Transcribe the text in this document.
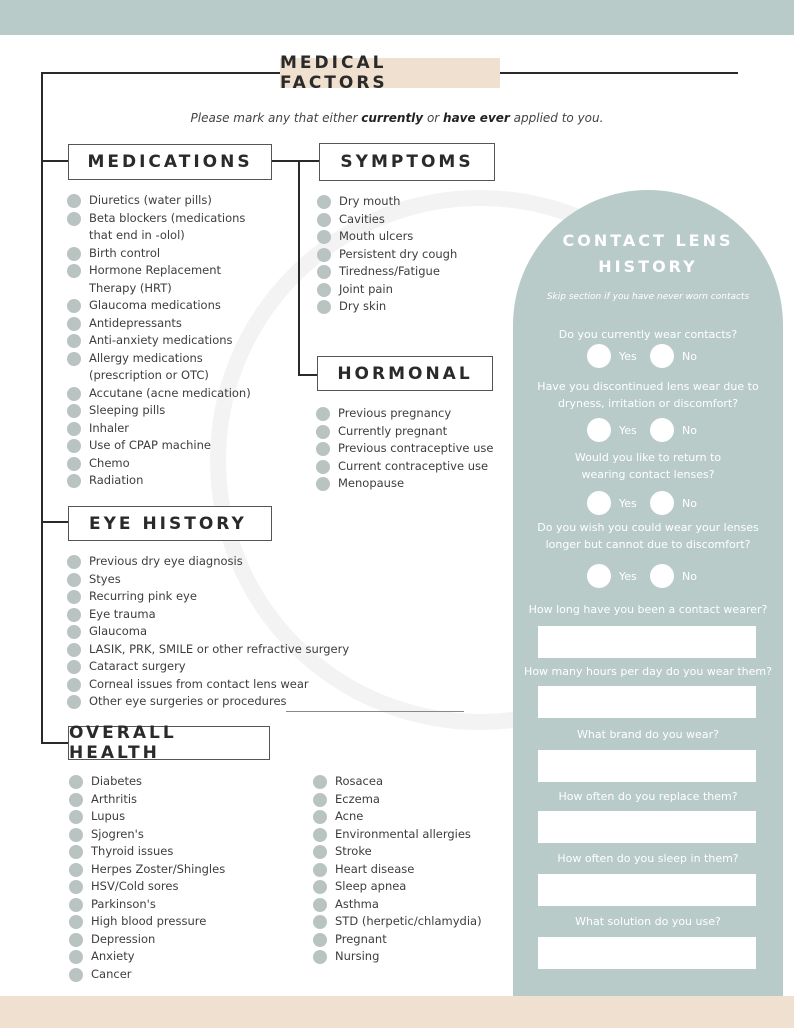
MEDICAL FACTORS
Please mark any that either currently or have ever applied to you.
MEDICATIONS	SYMPTOMS
HORMONAL
EYE HISTORY
OVERALL HEALTH
Diuretics (water pills)
Beta blockers (medications that end in -olol)
Birth control
Hormone Replacement Therapy (HRT)
Glaucoma medications
Antidepressants
Anti-anxiety medications
Allergy medications (prescription or OTC)
Accutane (acne medication)
Sleeping pills
Inhaler
Use of CPAP machine
Chemo
Radiation
Dry mouth
Cavities
Mouth ulcers
Persistent dry cough
Tiredness/Fatigue
Joint pain
Dry skin
Previous pregnancy
Currently pregnant
Previous contraceptive use
Current contraceptive use
Menopause
Previous dry eye diagnosis
Styes
Recurring pink eye
Eye trauma
Glaucoma
LASIK, PRK, SMILE or other refractive surgery
Cataract surgery
Corneal issues from contact lens wear
Other eye surgeries or procedures
Diabetes
Arthritis
Lupus
Sjogren's
Thyroid issues
Herpes Zoster/Shingles
HSV/Cold sores
Parkinson's
High blood pressure
Depression
Anxiety
Cancer
Rosacea
Eczema
Acne
Environmental allergies
Stroke
Heart disease
Sleep apnea
Asthma
STD (herpetic/chlamydia)
Pregnant
Nursing
CONTACT LENS
HISTORY
Skip section if you have never worn contacts
Do you currently wear contacts?
Yes	No
Have you discontinued lens wear due to dryness, irritation or discomfort?
Yes	No
Would you like to return to wearing contact lenses?
Yes	No
Do you wish you could wear your lenses longer but cannot due to discomfort?
Yes	No
How long have you been a contact wearer?
How many hours per day do you wear them?
What brand do you wear?
How often do you replace them?
How often do you sleep in them?
What solution do you use?
